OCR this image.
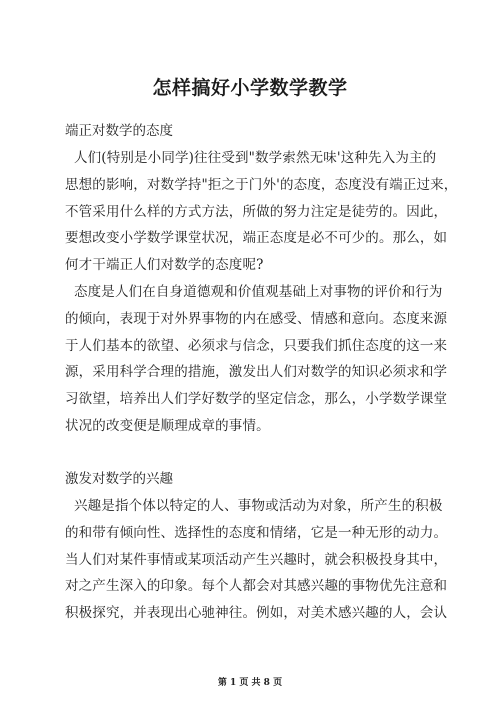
怎样搞好小学数学教学
端正对数学的态度
人们(特别是小同学)往往受到"数学索然无味'这种先入为主的
思想的影响，对数学持"拒之于门外'的态度，态度没有端正过来，
不管采用什么样的方式方法，所做的努力注定是徒劳的。因此，
要想改变小学数学课堂状况，端正态度是必不可少的。那么，如
何才干端正人们对数学的态度呢?
态度是人们在自身道德观和价值观基础上对事物的评价和行为
的倾向，表现于对外界事物的内在感受、情感和意向。态度来源
于人们基本的欲望、必须求与信念，只要我们抓住态度的这一来
源，采用科学合理的措施，激发出人们对数学的知识必须求和学
习欲望，培养出人们学好数学的坚定信念，那么，小学数学课堂
状况的改变便是顺理成章的事情。
激发对数学的兴趣
兴趣是指个体以特定的人、事物或活动为对象，所产生的积极
的和带有倾向性、选择性的态度和情绪，它是一种无形的动力。
当人们对某件事情或某项活动产生兴趣时，就会积极投身其中，
对之产生深入的印象。每个人都会对其感兴趣的事物优先注意和
积极探究，并表现出心驰神往。例如，对美术感兴趣的人，会认
第 1 页 共 8 页
